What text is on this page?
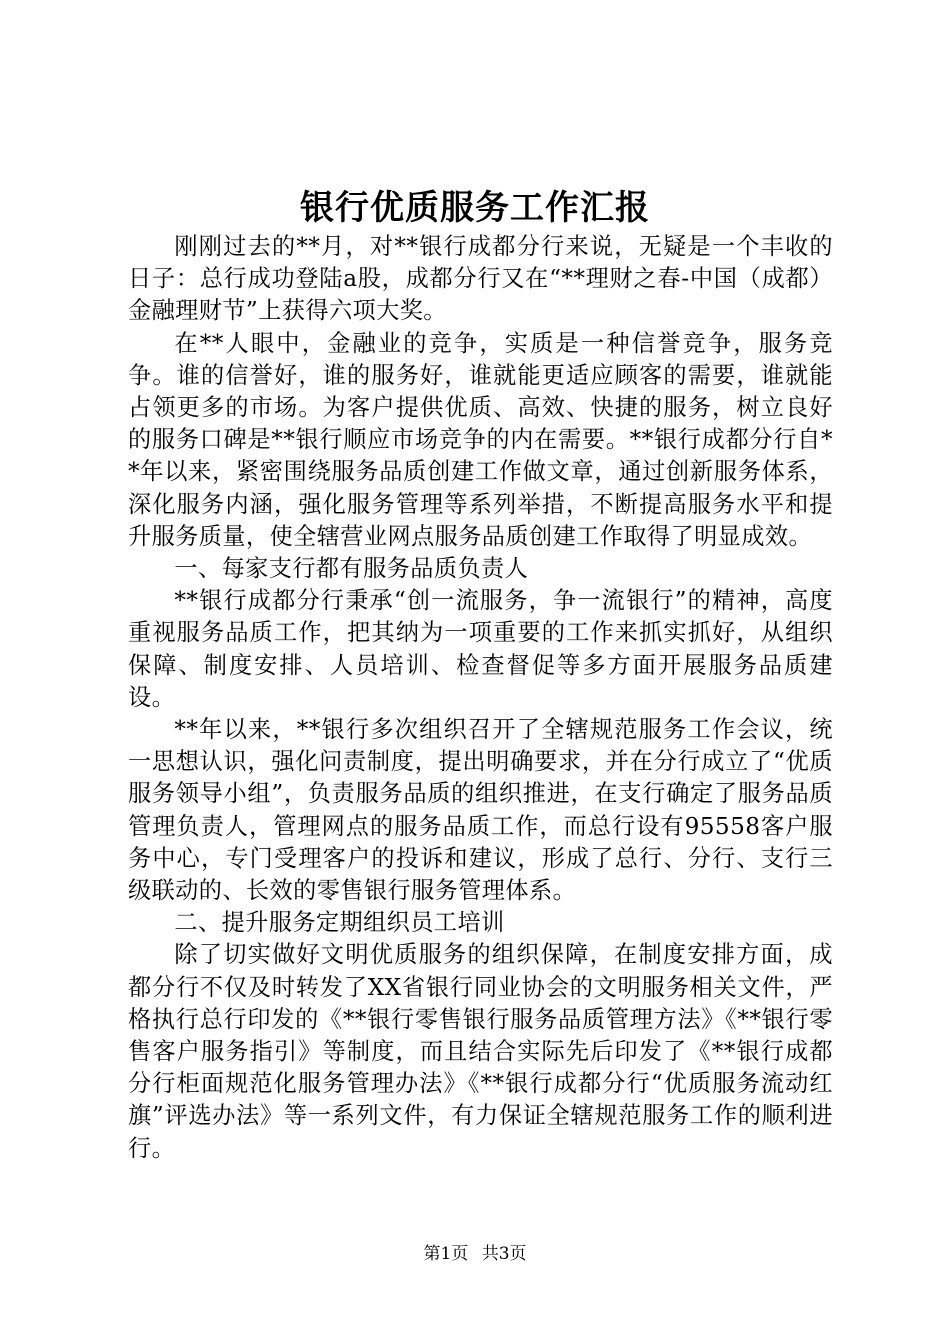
银行优质服务工作汇报

刚刚过去的**月，对**银行成都分行来说，无疑是一个丰收的日子：总行成功登陆a股，成都分行又在“**理财之春-中国（成都）金融理财节”上获得六项大奖。

在**人眼中，金融业的竞争，实质是一种信誉竞争，服务竞争。谁的信誉好，谁的服务好，谁就能更适应顾客的需要，谁就能占领更多的市场。为客户提供优质、高效、快捷的服务，树立良好的服务口碑是**银行顺应市场竞争的内在需要。**银行成都分行自**年以来，紧密围绕服务品质创建工作做文章，通过创新服务体系，深化服务内涵，强化服务管理等系列举措，不断提高服务水平和提升服务质量，使全辖营业网点服务品质创建工作取得了明显成效。

一、每家支行都有服务品质负责人

**银行成都分行秉承“创一流服务，争一流银行”的精神，高度重视服务品质工作，把其纳为一项重要的工作来抓实抓好，从组织保障、制度安排、人员培训、检查督促等多方面开展服务品质建设。

**年以来，**银行多次组织召开了全辖规范服务工作会议，统一思想认识，强化问责制度，提出明确要求，并在分行成立了“优质服务领导小组”，负责服务品质的组织推进，在支行确定了服务品质管理负责人，管理网点的服务品质工作，而总行设有95558客户服务中心，专门受理客户的投诉和建议，形成了总行、分行、支行三级联动的、长效的零售银行服务管理体系。

二、提升服务定期组织员工培训

除了切实做好文明优质服务的组织保障，在制度安排方面，成都分行不仅及时转发了XX省银行同业协会的文明服务相关文件，严格执行总行印发的《**银行零售银行服务品质管理方法》《**银行零售客户服务指引》等制度，而且结合实际先后印发了《**银行成都分行柜面规范化服务管理办法》《**银行成都分行“优质服务流动红旗”评选办法》等一系列文件，有力保证全辖规范服务工作的顺利进行。

第1页 共3页
